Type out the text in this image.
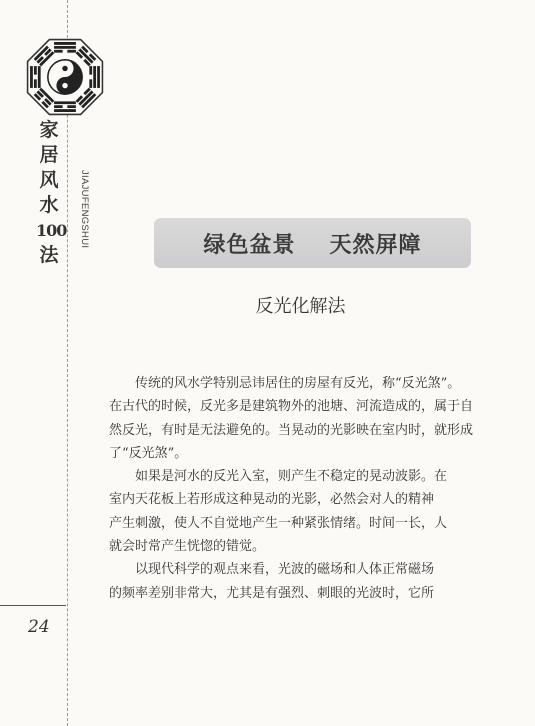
家
居
风
水
100
法
JIAJUFENGSHUI
24
绿色盆景 天然屏障
反光化解法

　　传统的风水学特别忌讳居住的房屋有反光，称“反光煞”。

在古代的时候，反光多是建筑物外的池塘、河流造成的，属于自

然反光，有时是无法避免的。当晃动的光影映在室内时，就形成

了“反光煞”。

　　如果是河水的反光入室，则产生不稳定的晃动波影。在

室内天花板上若形成这种晃动的光影，必然会对人的精神

产生刺激，使人不自觉地产生一种紧张情绪。时间一长，人

就会时常产生恍惚的错觉。

　　以现代科学的观点来看，光波的磁场和人体正常磁场

的频率差别非常大，尤其是有强烈、刺眼的光波时，它所
